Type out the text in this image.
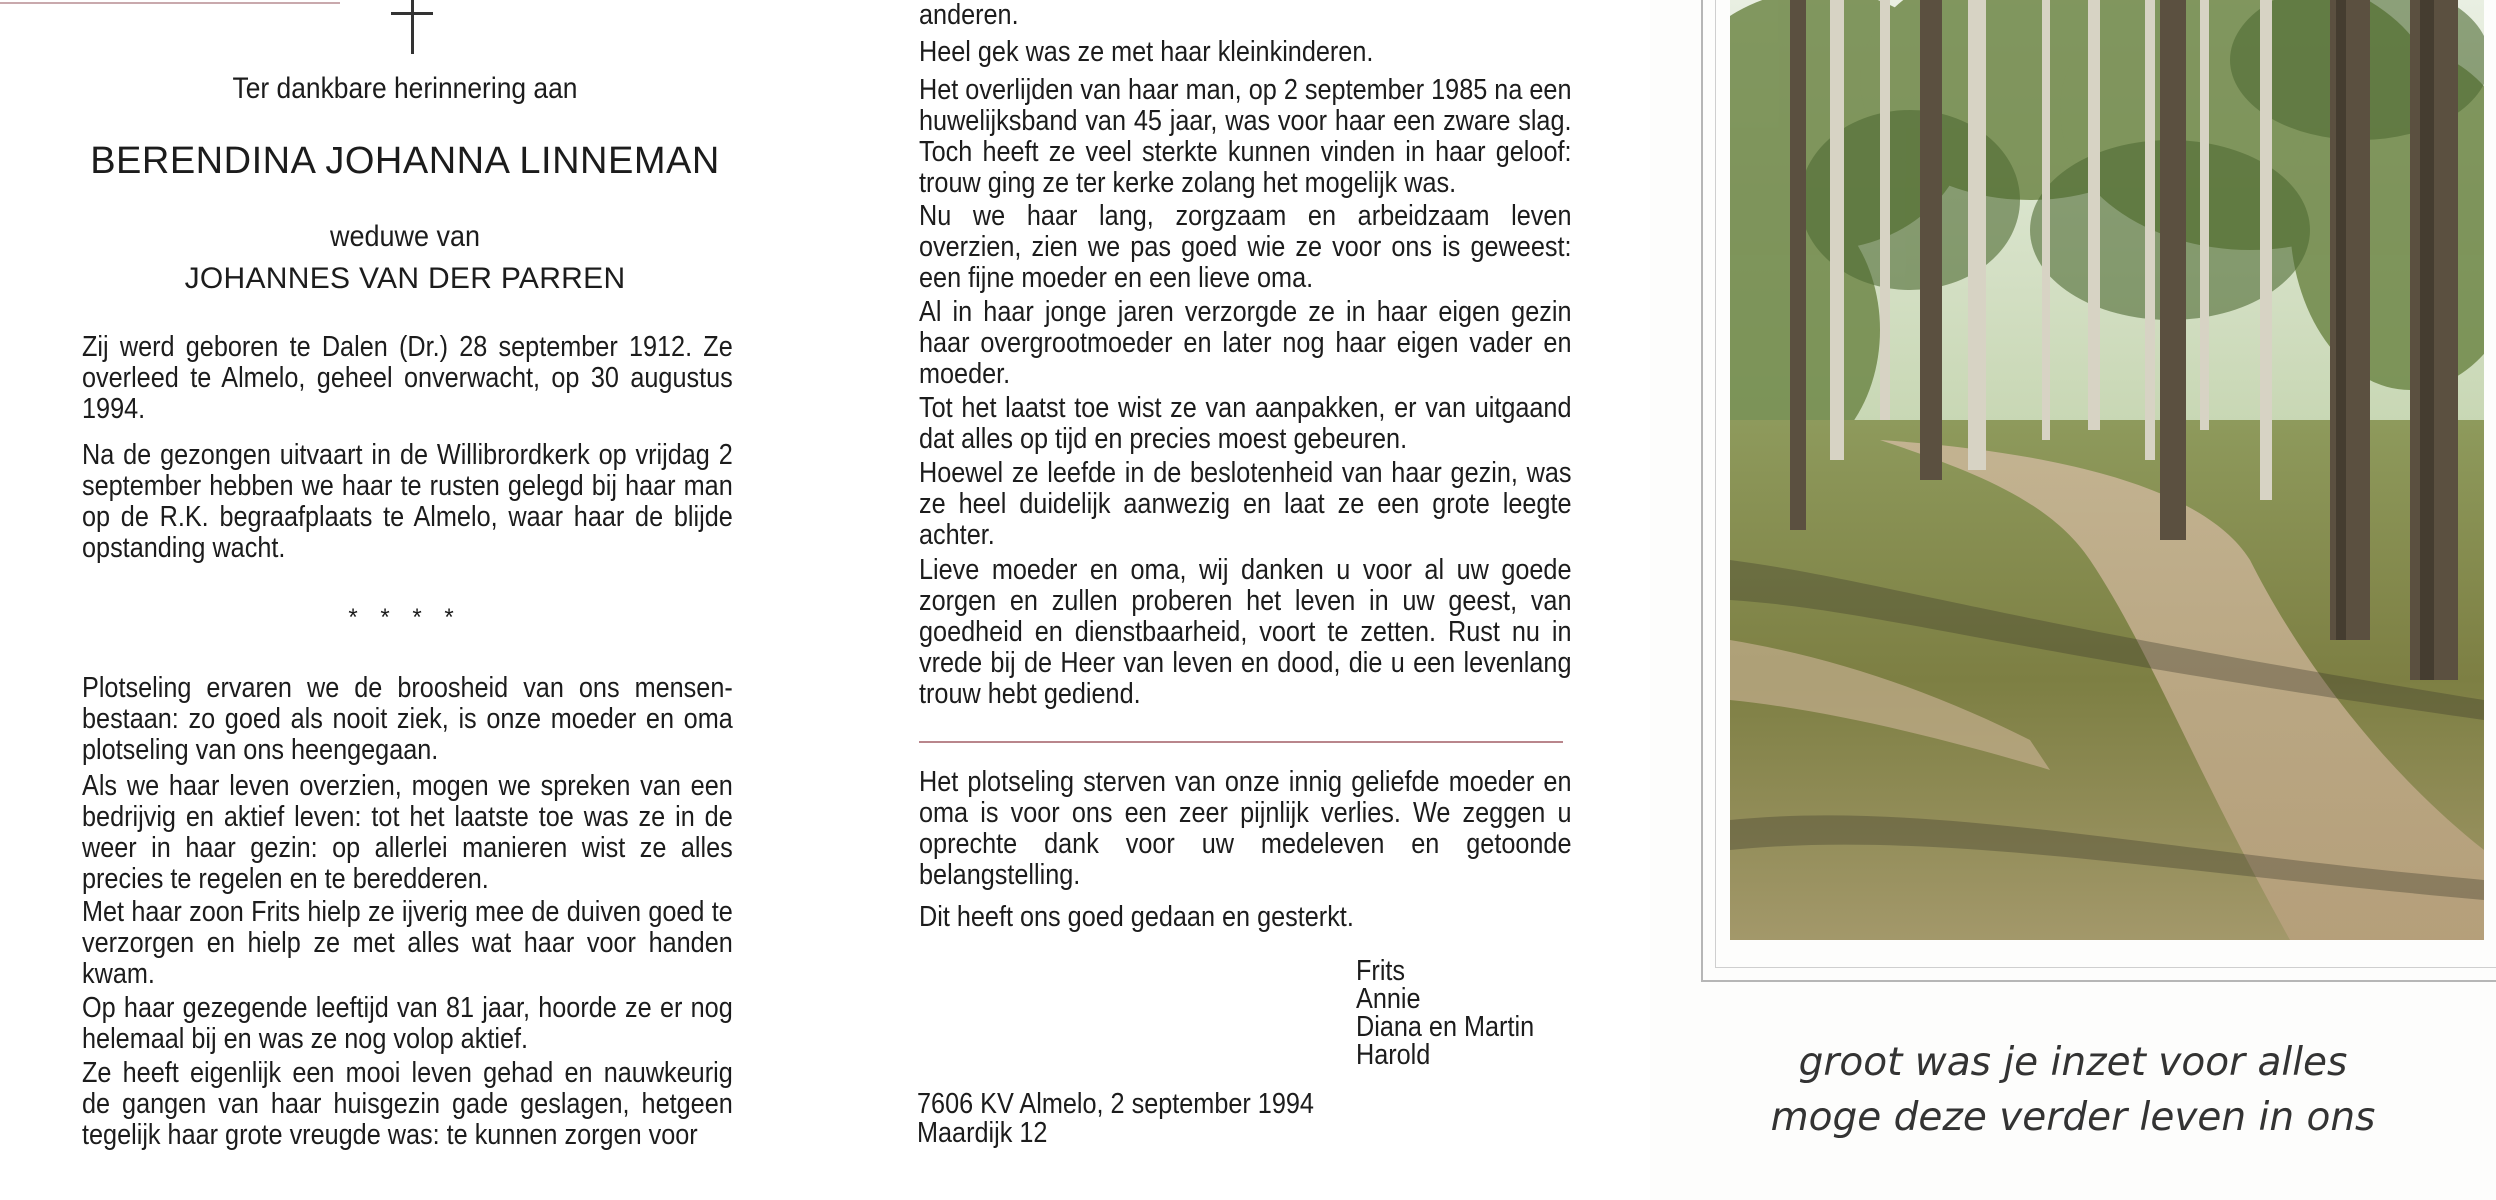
Ter dankbare herinnering aan
BERENDINA JOHANNA LINNEMAN
weduwe van
JOHANNES VAN DER PARREN

Zij werd geboren te Dalen (Dr.) 28 september 1912. Ze overleed te Almelo, geheel onverwacht, op 30 augustus 1994.

Na de gezongen uitvaart in de Willibrordkerk op vrijdag 2 september hebben we haar te rusten gelegd bij haar man op de R.K. begraafplaats te Almelo, waar haar de blijde opstanding wacht.

* * * *

Plotseling ervaren we de broosheid van ons mensen-bestaan: zo goed als nooit ziek, is onze moeder en oma plotseling van ons heengegaan.

Als we haar leven overzien, mogen we spreken van een bedrijvig en aktief leven: tot het laatste toe was ze in de weer in haar gezin: op allerlei manieren wist ze alles precies te regelen en te beredderen.

Met haar zoon Frits hielp ze ijverig mee de duiven goed te verzorgen en hielp ze met alles wat haar voor handen kwam.

Op haar gezegende leeftijd van 81 jaar, hoorde ze er nog helemaal bij en was ze nog volop aktief.

Ze heeft eigenlijk een mooi leven gehad en nauwkeurig de gangen van haar huisgezin gade geslagen, hetgeen tegelijk haar grote vreugde was: te kunnen zorgen voor

anderen.

Heel gek was ze met haar kleinkinderen.

Het overlijden van haar man, op 2 september 1985 na een huwelijksband van 45 jaar, was voor haar een zware slag. Toch heeft ze veel sterkte kunnen vinden in haar geloof: trouw ging ze ter kerke zolang het mogelijk was.

Nu we haar lang, zorgzaam en arbeidzaam leven overzien, zien we pas goed wie ze voor ons is geweest: een fijne moeder en een lieve oma.

Al in haar jonge jaren verzorgde ze in haar eigen gezin haar overgrootmoeder en later nog haar eigen vader en moeder.

Tot het laatst toe wist ze van aanpakken, er van uitgaand dat alles op tijd en precies moest gebeuren.

Hoewel ze leefde in de beslotenheid van haar gezin, was ze heel duidelijk aanwezig en laat ze een grote leegte achter.

Lieve moeder en oma, wij danken u voor al uw goede zorgen en zullen proberen het leven in uw geest, van goedheid en dienstbaarheid, voort te zetten. Rust nu in vrede bij de Heer van leven en dood, die u een levenlang trouw hebt gediend.

Het plotseling sterven van onze innig geliefde moeder en oma is voor ons een zeer pijnlijk verlies. We zeggen u oprechte dank voor uw medeleven en getoonde belangstelling.

Dit heeft ons goed gedaan en gesterkt.

Frits
Annie
Diana en Martin
Harold
7606 KV Almelo, 2 september 1994
Maardijk 12
groot was je inzet voor alles
moge deze verder leven in ons
